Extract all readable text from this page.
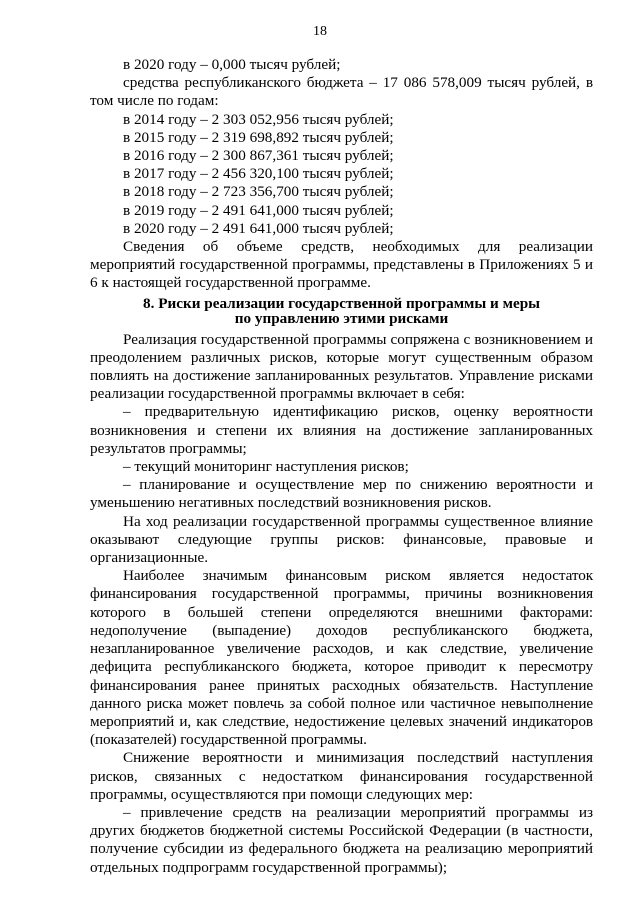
18

в 2020 году – 0,000 тысяч рублей;

средства республиканского бюджета – 17 086 578,009 тысяч рублей, в том числе по годам:

в 2014 году – 2 303 052,956 тысяч рублей;

в 2015 году – 2 319 698,892 тысяч рублей;

в 2016 году – 2 300 867,361 тысяч рублей;

в 2017 году – 2 456 320,100 тысяч рублей;

в 2018 году – 2 723 356,700 тысяч рублей;

в 2019 году – 2 491 641,000 тысяч рублей;

в 2020 году – 2 491 641,000 тысяч рублей;

Сведения об объеме средств, необходимых для реализации мероприятий государственной программы, представлены в Приложениях 5 и 6 к настоящей государственной программе.

8. Риски реализации государственной программы и меры
по управлению этими рисками

Реализация государственной программы сопряжена с возникновением и преодолением различных рисков, которые могут существенным образом повлиять на достижение запланированных результатов. Управление рисками реализации государственной программы включает в себя:

– предварительную идентификацию рисков, оценку вероятности возникновения и степени их влияния на достижение запланированных результатов программы;

– текущий мониторинг наступления рисков;

– планирование и осуществление мер по снижению вероятности и уменьшению негативных последствий возникновения рисков.

На ход реализации государственной программы существенное влияние оказывают следующие группы рисков: финансовые, правовые и организационные.

Наиболее значимым финансовым риском является недостаток финансирования государственной программы, причины возникновения которого в большей степени определяются внешними факторами: недополучение (выпадение) доходов республиканского бюджета, незапланированное увеличение расходов, и как следствие, увеличение дефицита республиканского бюджета, которое приводит к пересмотру финансирования ранее принятых расходных обязательств. Наступление данного риска может повлечь за собой полное или частичное невыполнение мероприятий и, как следствие, недостижение целевых значений индикаторов (показателей) государственной программы.

Снижение вероятности и минимизация последствий наступления рисков, связанных с недостатком финансирования государственной программы, осуществляются при помощи следующих мер:

– привлечение средств на реализации мероприятий программы из других бюджетов бюджетной системы Российской Федерации (в частности, получение субсидии из федерального бюджета на реализацию мероприятий отдельных подпрограмм государственной программы);
